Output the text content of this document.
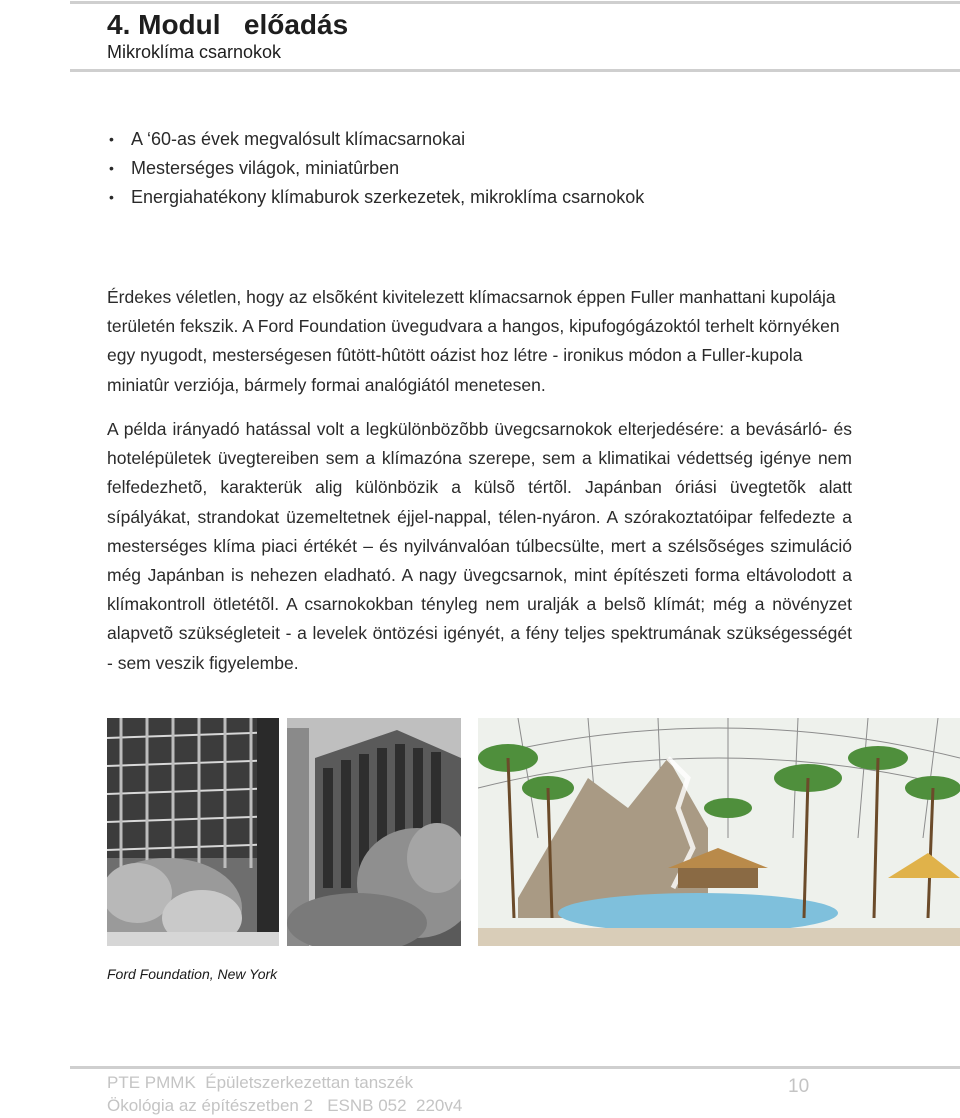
4. Modul   előadás
Mikroklíma csarnokok
• A ‘60-as évek megvalósult klímacsarnokai
• Mesterséges világok, miniatûrben
• Energiahatékony klímaburok szerkezetek, mikroklíma csarnokok

Érdekes véletlen, hogy az elsõként kivitelezett klímacsarnok éppen Fuller manhattani kupolája területén fekszik. A Ford Foundation üvegudvara a hangos, kipufogógázoktól terhelt környéken egy nyugodt, mesterségesen fûtött-hûtött oázist hoz létre - ironikus módon a Fuller-kupola miniatûr verziója, bármely formai analógiától menetesen.

A példa irányadó hatással volt a legkülönbözõbb üvegcsarnokok elterjedésére: a bevásárló- és hotelépületek üvegtereiben sem a klímazóna szerepe, sem a klimatikai védettség igénye nem felfedezhetõ, karakterük alig különbözik a külsõ tértõl. Japánban óriási üvegtetõk alatt sípályákat, strandokat üzemeltetnek éjjel-nappal, télen-nyáron. A szórakoztatóipar felfedezte a mesterséges klíma piaci értékét – és nyilvánvalóan túlbecsülte, mert a szélsõséges szimuláció még Japánban is nehezen eladható. A nagy üvegcsarnok, mint építészeti forma eltávolodott a klímakontroll ötletétõl. A csarnokokban tényleg nem uralják a belsõ klímát; még a növényzet alapvetõ szükségleteit - a levelek öntözési igényét, a fény teljes spektrumának szükségességét - sem veszik figyelembe.

Ford Foundation, New York
PTE PMMK  Épületszerkezettan tanszék
Ökológia az építészetben 2   ESNB 052  220v4
10
